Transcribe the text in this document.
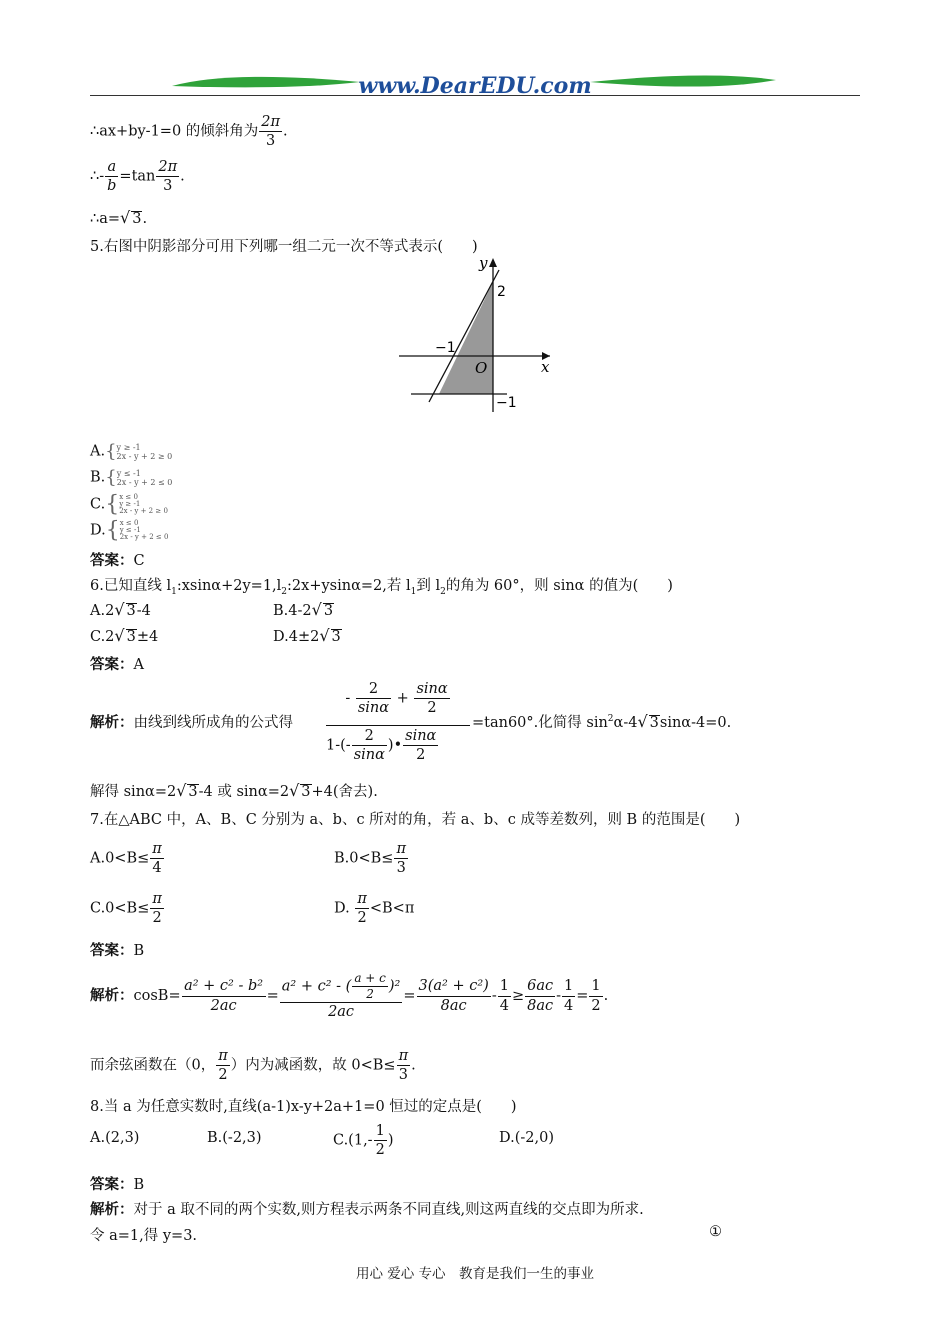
www.DearEDU.com
∴ax+by-1=0 的倾斜角为 $\frac{2\pi}{3}$ .
∴- $\frac{a}{b} =\tan \frac{2\pi}{3}$ .
∴a=√ 3.
5.右图中阴影部分可用下列哪一组二元一次不等式表示(　　)
y
x
O
2
−1
−1
A.{ y ≥ -1
2x - y + 2 ≥ 0
B.{ y ≤ -1
2x - y + 2 ≤ 0
C.{ x ≤ 0
y ≥ -1
2x - y + 2 ≥ 0
D.{ x ≤ 0
y ≤ -1
2x - y + 2 ≤ 0
答案：C
6.已知直线 $l_1:xsin\alpha+2y=1,l_2:2x+ysin\alpha=2$,若 $l_1$到 $l_2$的角为 60°，则 sinα 的值为(　　)
A.2√ 3-4	B.4-2√ 3
C.2√ 3±4	D.4±2√ 3
答案：A
解析：由线到线所成角的公式得
- $\frac{2}{\sin\alpha} + \frac{\sin\alpha}{2}$
$1-(- \frac{2}{\sin\alpha}$ )• $\frac{\sin\alpha}{2}$
=tan60°.化简得 $\sin^2\alpha-4√$ 3sinα-4=0.
解得 sinα=2√ 3-4 或 sinα=2√ 3+4(舍去).
7.在△ABC 中，A、B、C 分别为 a、b、c 所对的角，若 a、b、c 成等差数列，则 B 的范围是(　　)
$A.0<B\le \frac{\pi}{4}$	$B.0<B\le \frac{\pi}{3}$
$C.0<B\le \frac{\pi}{2}$	D. $\frac{\pi}{2} <B<\pi$
答案：B
解析：$\cos B= \frac{\text{a² + c² - b²}}{2ac} = \frac{a^2 + c^2 - ( \frac{a + c}{2} )^2}{2ac} = \frac{\text{3(a² + c²)}}{8ac} - \frac{1}{4} \ge \frac{6ac}{8ac} - \frac{1}{4} = \frac{1}{2}$ .
而余弦函数在（0， $\frac{\pi}{2}$ ）内为减函数，故 $0<B\le \frac{\pi}{3}$ .
8.当 a 为任意实数时,直线(a-1)x-y+2a+1=0 恒过的定点是(　　)
A.(2,3)	B.(-2,3)	$C.(1,- \frac{1}{2}$ )	D.(-2,0)
答案：B
解析：对于 a 取不同的两个实数,则方程表示两条不同直线,则这两直线的交点即为所求.
令 a=1,得 y=3.	①
用心 爱心 专心　教育是我们一生的事业
